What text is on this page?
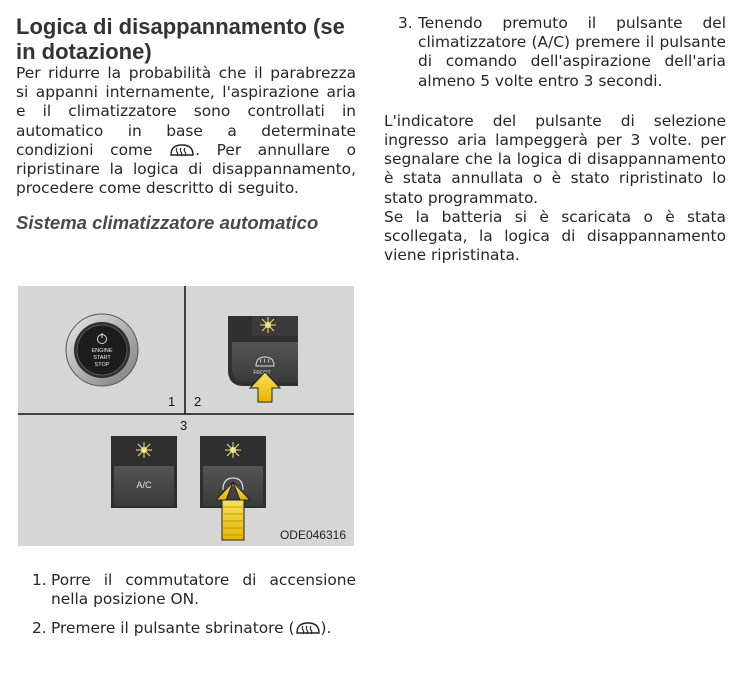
Logica di disappannamento (se in dotazione)

Per ridurre la probabilità che il parabrezza si appanni internamente, l'aspirazione aria e il climatizzatore sono controllati in automatico in base a determinate condizioni come	. Per annullare o ripristinare la logica di disappannamento, procedere come descritto di seguito.

Sistema climatizzatore automatico
ENGINE
START
STOP
FRONT
A/C
1 2
3
ODE046316
1. Porre il commutatore di accensione nella posizione ON.
2. Premere il pulsante sbrinatore ( ).
3. Tenendo premuto il pulsante del climatizzatore (A/C) premere il pulsante di comando dell'aspirazione dell'aria almeno 5 volte entro 3 secondi.

L'indicatore del pulsante di selezione ingresso aria lampeggerà per 3 volte. per segnalare che la logica di disappannamento è stata annullata o è stato ripristinato lo stato programmato.

Se la batteria si è scaricata o è stata scollegata, la logica di disappannamento viene ripristinata.
